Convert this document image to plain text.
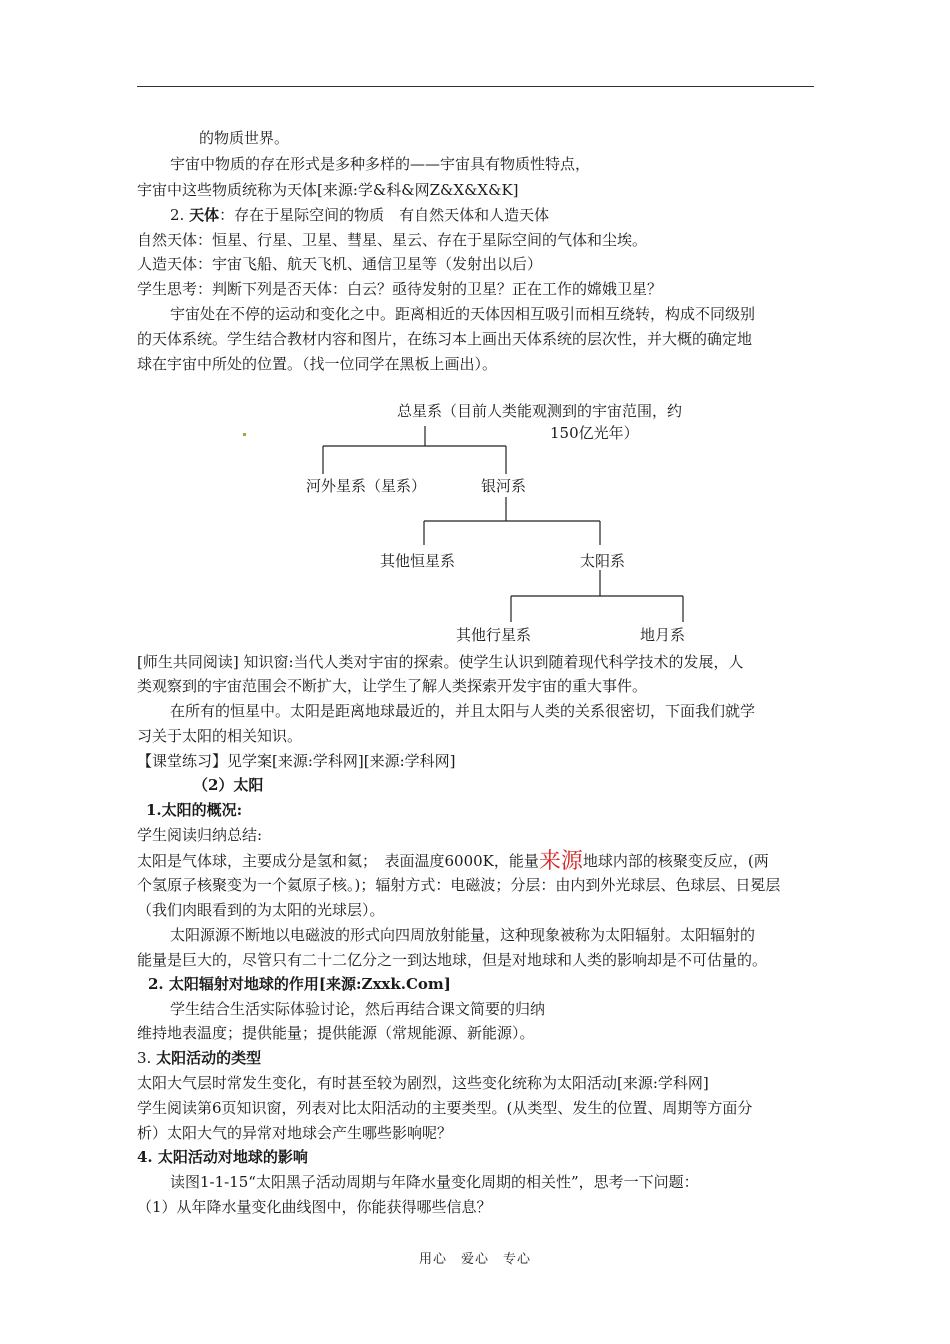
的物质世界。
宇宙中物质的存在形式是多种多样的——宇宙具有物质性特点，
宇宙中这些物质统称为天体[来源:学&科&网Z&X&X&K]
2. 天体：存在于星际空间的物质　有自然天体和人造天体
自然天体：恒星、行星、卫星、彗星、星云、存在于星际空间的气体和尘埃。
人造天体：宇宙飞船、航天飞机、通信卫星等（发射出以后）
学生思考：判断下列是否天体：白云？亟待发射的卫星？正在工作的嫦娥卫星？
宇宙处在不停的运动和变化之中。距离相近的天体因相互吸引而相互绕转，构成不同级别
的天体系统。学生结合教材内容和图片，在练习本上画出天体系统的层次性，并大概的确定地
球在宇宙中所处的位置。（找一位同学在黑板上画出）。
总星系（目前人类能观测到的宇宙范围，约
150亿光年）
河外星系（星系）	银河系
其他恒星系	太阳系
其他行星系	地月系
[师生共同阅读] 知识窗:当代人类对宇宙的探索。使学生认识到随着现代科学技术的发展，人
类观察到的宇宙范围会不断扩大，让学生了解人类探索开发宇宙的重大事件。
在所有的恒星中。太阳是距离地球最近的，并且太阳与人类的关系很密切，下面我们就学
习关于太阳的相关知识。
【课堂练习】见学案[来源:学科网][来源:学科网]
（2）太阳
1.太阳的概况:
学生阅读归纳总结:
太阳是气体球，主要成分是氢和氦；　表面温度6000K，能量来源地球内部的核聚变反应，(两
个氢原子核聚变为一个氦原子核。)；辐射方式：电磁波；分层：由内到外光球层、色球层、日冕层
（我们肉眼看到的为太阳的光球层）。
太阳源源不断地以电磁波的形式向四周放射能量，这种现象被称为太阳辐射。太阳辐射的
能量是巨大的，尽管只有二十二亿分之一到达地球，但是对地球和人类的影响却是不可估量的。
2. 太阳辐射对地球的作用[来源:Zxxk.Com]
学生结合生活实际体验讨论，然后再结合课文简要的归纳
维持地表温度；提供能量；提供能源（常规能源、新能源）。
3. 太阳活动的类型
太阳大气层时常发生变化，有时甚至较为剧烈，这些变化统称为太阳活动[来源:学科网]
学生阅读第6页知识窗，列表对比太阳活动的主要类型。(从类型、发生的位置、周期等方面分
析）太阳大气的异常对地球会产生哪些影响呢？
4. 太阳活动对地球的影响
读图1-1-15“太阳黑子活动周期与年降水量变化周期的相关性”，思考一下问题：
（1）从年降水量变化曲线图中，你能获得哪些信息？
用心　爱心　专心
